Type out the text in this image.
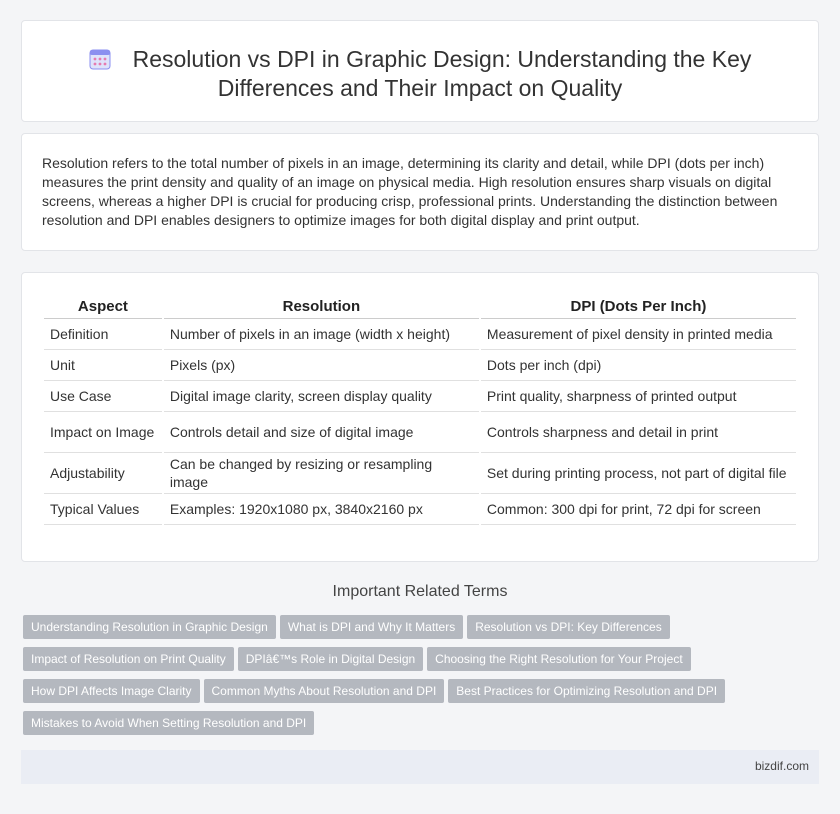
Resolution vs DPI in Graphic Design: Understanding the Key Differences and Their Impact on Quality

Resolution refers to the total number of pixels in an image, determining its clarity and detail, while DPI (dots per inch) measures the print density and quality of an image on physical media. High resolution ensures sharp visuals on digital screens, whereas a higher DPI is crucial for producing crisp, professional prints. Understanding the distinction between resolution and DPI enables designers to optimize images for both digital display and print output.

Aspect	Resolution	DPI (Dots Per Inch)
Definition	Number of pixels in an image (width x height)	Measurement of pixel density in printed media
Unit	Pixels (px)	Dots per inch (dpi)
Use Case	Digital image clarity, screen display quality	Print quality, sharpness of printed output
Impact on Image	Controls detail and size of digital image	Controls sharpness and detail in print
Adjustability	Can be changed by resizing or resampling image	Set during printing process, not part of digital file
Typical Values	Examples: 1920x1080 px, 3840x2160 px	Common: 300 dpi for print, 72 dpi for screen
Important Related Terms
Understanding Resolution in Graphic Design What is DPI and Why It Matters Resolution vs DPI: Key Differences
Impact of Resolution on Print Quality DPIâ€™s Role in Digital Design Choosing the Right Resolution for Your Project
How DPI Affects Image Clarity Common Myths About Resolution and DPI Best Practices for Optimizing Resolution and DPI
Mistakes to Avoid When Setting Resolution and DPI
bizdif.com
